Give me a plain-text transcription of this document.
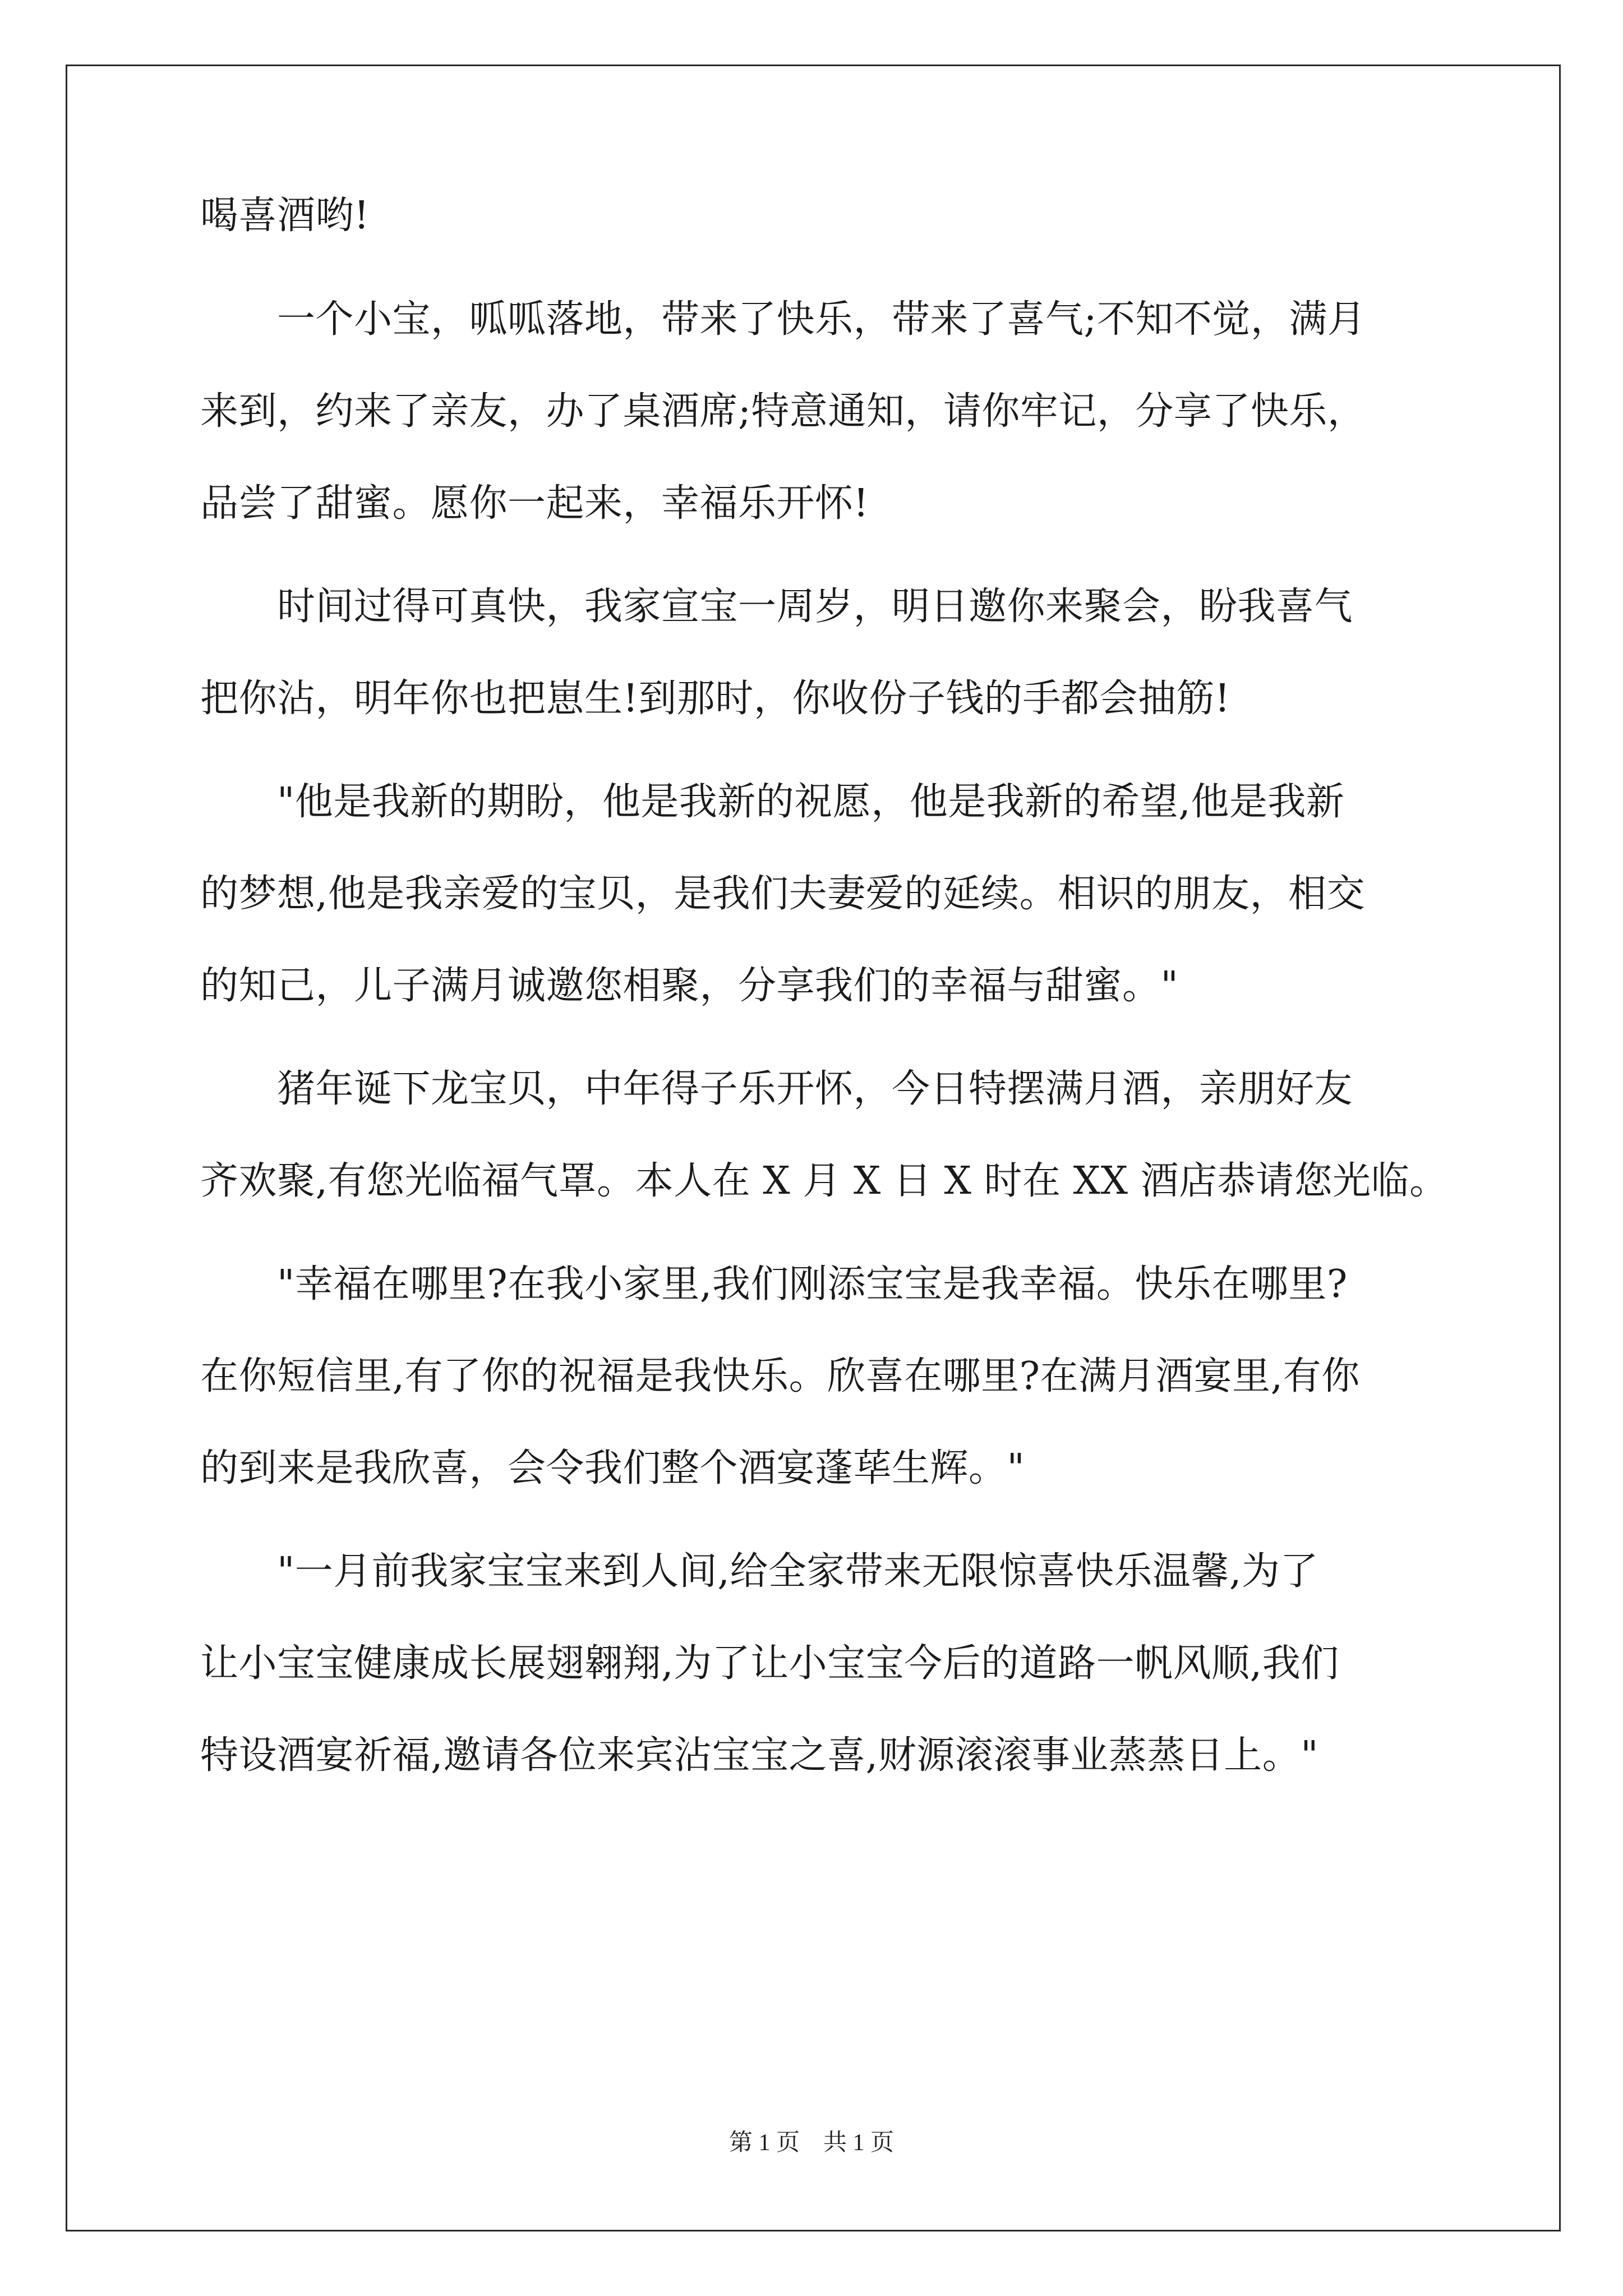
喝喜酒哟!
　　一个小宝，呱呱落地，带来了快乐，带来了喜气;不知不觉，满月
来到，约来了亲友，办了桌酒席;特意通知，请你牢记，分享了快乐，
品尝了甜蜜。愿你一起来，幸福乐开怀!
　　时间过得可真快，我家宣宝一周岁，明日邀你来聚会，盼我喜气
把你沾，明年你也把崽生!到那时，你收份子钱的手都会抽筋!
　　"他是我新的期盼，他是我新的祝愿，他是我新的希望,他是我新
的梦想,他是我亲爱的宝贝，是我们夫妻爱的延续。相识的朋友，相交
的知己，儿子满月诚邀您相聚，分享我们的幸福与甜蜜。"
　　猪年诞下龙宝贝，中年得子乐开怀，今日特摆满月酒，亲朋好友
齐欢聚,有您光临福气罩。本人在 X 月 X 日 X 时在 XX 酒店恭请您光临。
　　"幸福在哪里?在我小家里,我们刚添宝宝是我幸福。快乐在哪里?
在你短信里,有了你的祝福是我快乐。欣喜在哪里?在满月酒宴里,有你
的到来是我欣喜，会令我们整个酒宴蓬荜生辉。"
　　"一月前我家宝宝来到人间,给全家带来无限惊喜快乐温馨,为了
让小宝宝健康成长展翅翱翔,为了让小宝宝今后的道路一帆风顺,我们
特设酒宴祈福,邀请各位来宾沾宝宝之喜,财源滚滚事业蒸蒸日上。"
第 1 页　共 1 页
